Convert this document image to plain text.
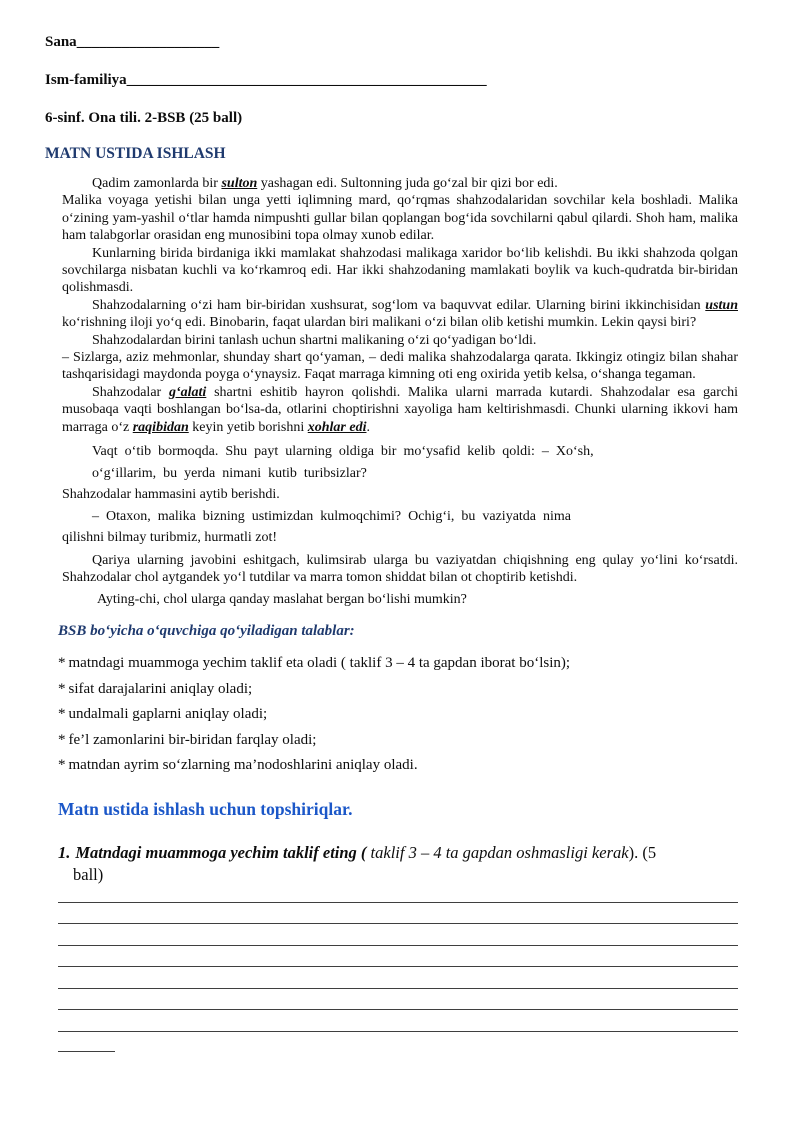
Sana___________________

Ism-familiya________________________________________________

6-sinf. Ona tili. 2-BSB (25 ball)

MATN USTIDA ISHLASH

Qadim zamonlarda bir sulton yashagan edi. Sultonning juda go‘zal bir qizi bor edi.

Malika voyaga yetishi bilan unga yetti iqlimning mard, qo‘rqmas shahzodalaridan sovchilar kela boshladi. Malika o‘zining yam-yashil o‘tlar hamda nimpushti gullar bilan qoplangan bog‘ida sovchilarni qabul qilardi. Shoh ham, malika ham talabgorlar orasidan eng munosibini topa olmay xunob edilar.

Kunlarning birida birdaniga ikki mamlakat shahzodasi malikaga xaridor bo‘lib kelishdi. Bu ikki shahzoda qolgan sovchilarga nisbatan kuchli va ko‘rkamroq edi. Har ikki shahzodaning mamlakati boylik va kuch-qudratda bir-biridan qolishmasdi.

Shahzodalarning o‘zi ham bir-biridan xushsurat, sog‘lom va baquvvat edilar. Ularning birini ikkinchisidan ustun ko‘rishning iloji yo‘q edi. Binobarin, faqat ulardan biri malikani o‘zi bilan olib ketishi mumkin. Lekin qaysi biri?

Shahzodalardan birini tanlash uchun shartni malikaning o‘zi qo‘yadigan bo‘ldi.

– Sizlarga, aziz mehmonlar, shunday shart qo‘yaman, – dedi malika shahzodalarga qarata. Ikkingiz otingiz bilan shahar tashqarisidagi maydonda poyga o‘ynaysiz. Faqat marraga kimning oti eng oxirida yetib kelsa, o‘shanga tegaman.

Shahzodalar g‘alati shartni eshitib hayron qolishdi. Malika ularni marrada kutardi. Shahzodalar esa garchi musobaqa vaqti boshlangan bo‘lsa-da, otlarini choptirishni xayoliga ham keltirishmasdi. Chunki ularning ikkovi ham marraga o‘z raqibidan keyin yetib borishni xohlar edi.

Vaqt o‘tib bormoqda. Shu payt ularning oldiga bir mo‘ysafid kelib qoldi: – Xo‘sh,
o‘g‘illarim, bu yerda nimani kutib turibsizlar?

Shahzodalar hammasini aytib berishdi.

– Otaxon, malika bizning ustimizdan kulmoqchimi? Ochig‘i, bu vaziyatda nima

qilishni bilmay turibmiz, hurmatli zot!

Qariya ularning javobini eshitgach, kulimsirab ularga bu vaziyatdan chiqishning eng qulay yo‘lini ko‘rsatdi. Shahzodalar chol aytgandek yo‘l tutdilar va marra tomon shiddat bilan ot choptirib ketishdi.

Ayting-chi, chol ularga qanday maslahat bergan bo‘lishi mumkin?

BSB bo‘yicha o‘quvchiga qo‘yiladigan talablar:

* matndagi muammoga yechim taklif eta oladi ( taklif 3 – 4 ta gapdan iborat bo‘lsin);

* sifat darajalarini aniqlay oladi;

* undalmali gaplarni aniqlay oladi;

* fe’l zamonlarini bir-biridan farqlay oladi;

* matndan ayrim so‘zlarning ma’nodoshlarini aniqlay oladi.

Matn ustida ishlash uchun topshiriqlar.

1. Matndagi muammoga yechim taklif eting ( taklif 3 – 4 ta gapdan oshmasligi kerak). (5
ball)
